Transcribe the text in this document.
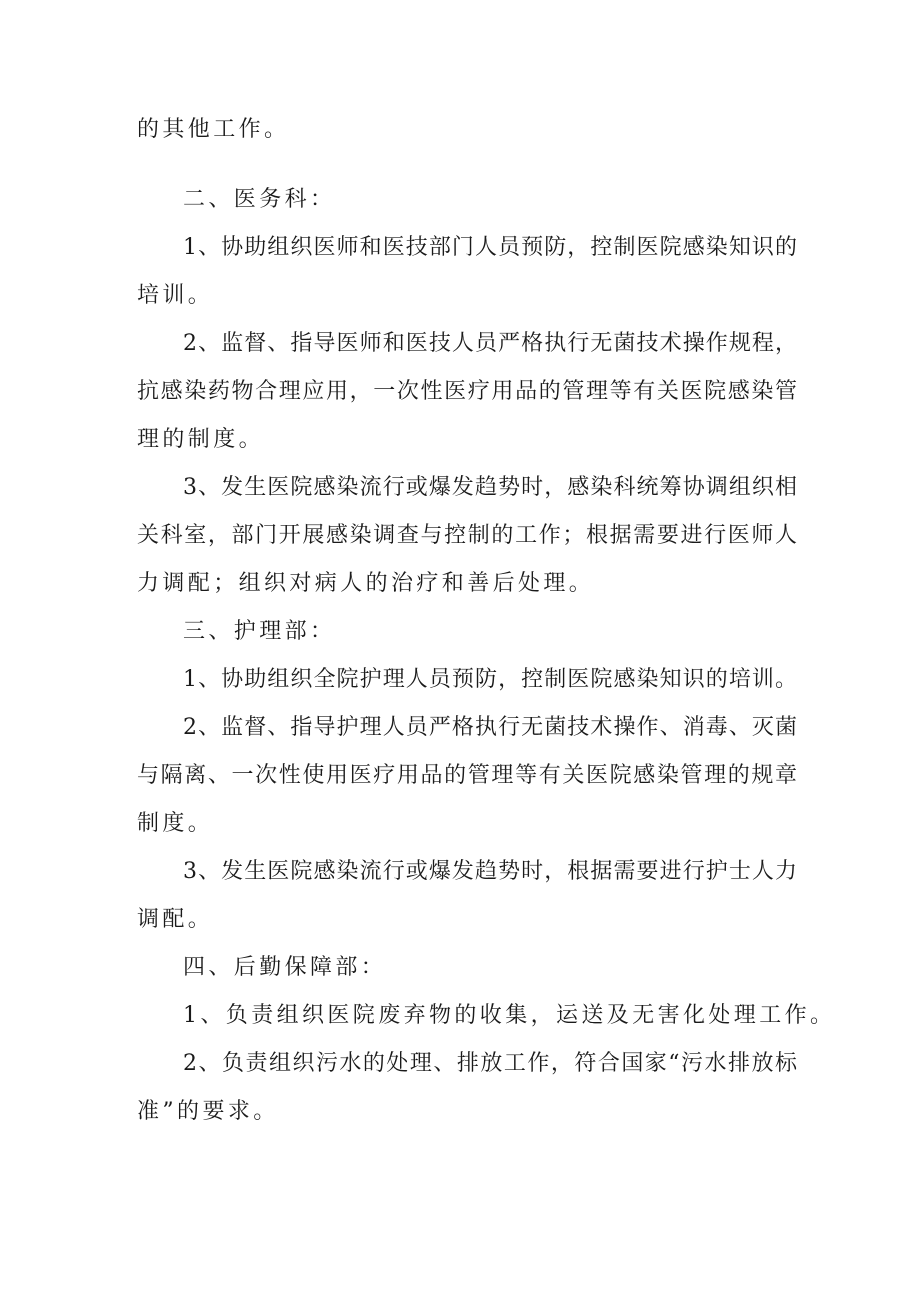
的其他工作。
二、医务科：
1、协助组织医师和医技部门人员预防，控制医院感染知识的
培训。
2、监督、指导医师和医技人员严格执行无菌技术操作规程，
抗感染药物合理应用，一次性医疗用品的管理等有关医院感染管
理的制度。
3、发生医院感染流行或爆发趋势时，感染科统筹协调组织相
关科室，部门开展感染调查与控制的工作；根据需要进行医师人
力调配；组织对病人的治疗和善后处理。
三、护理部：
1、协助组织全院护理人员预防，控制医院感染知识的培训。
2、监督、指导护理人员严格执行无菌技术操作、消毒、灭菌
与隔离、一次性使用医疗用品的管理等有关医院感染管理的规章
制度。
3、发生医院感染流行或爆发趋势时，根据需要进行护士人力
调配。
四、后勤保障部：
1、负责组织医院废弃物的收集，运送及无害化处理工作。
2、负责组织污水的处理、排放工作，符合国家“污水排放标
准”的要求。
